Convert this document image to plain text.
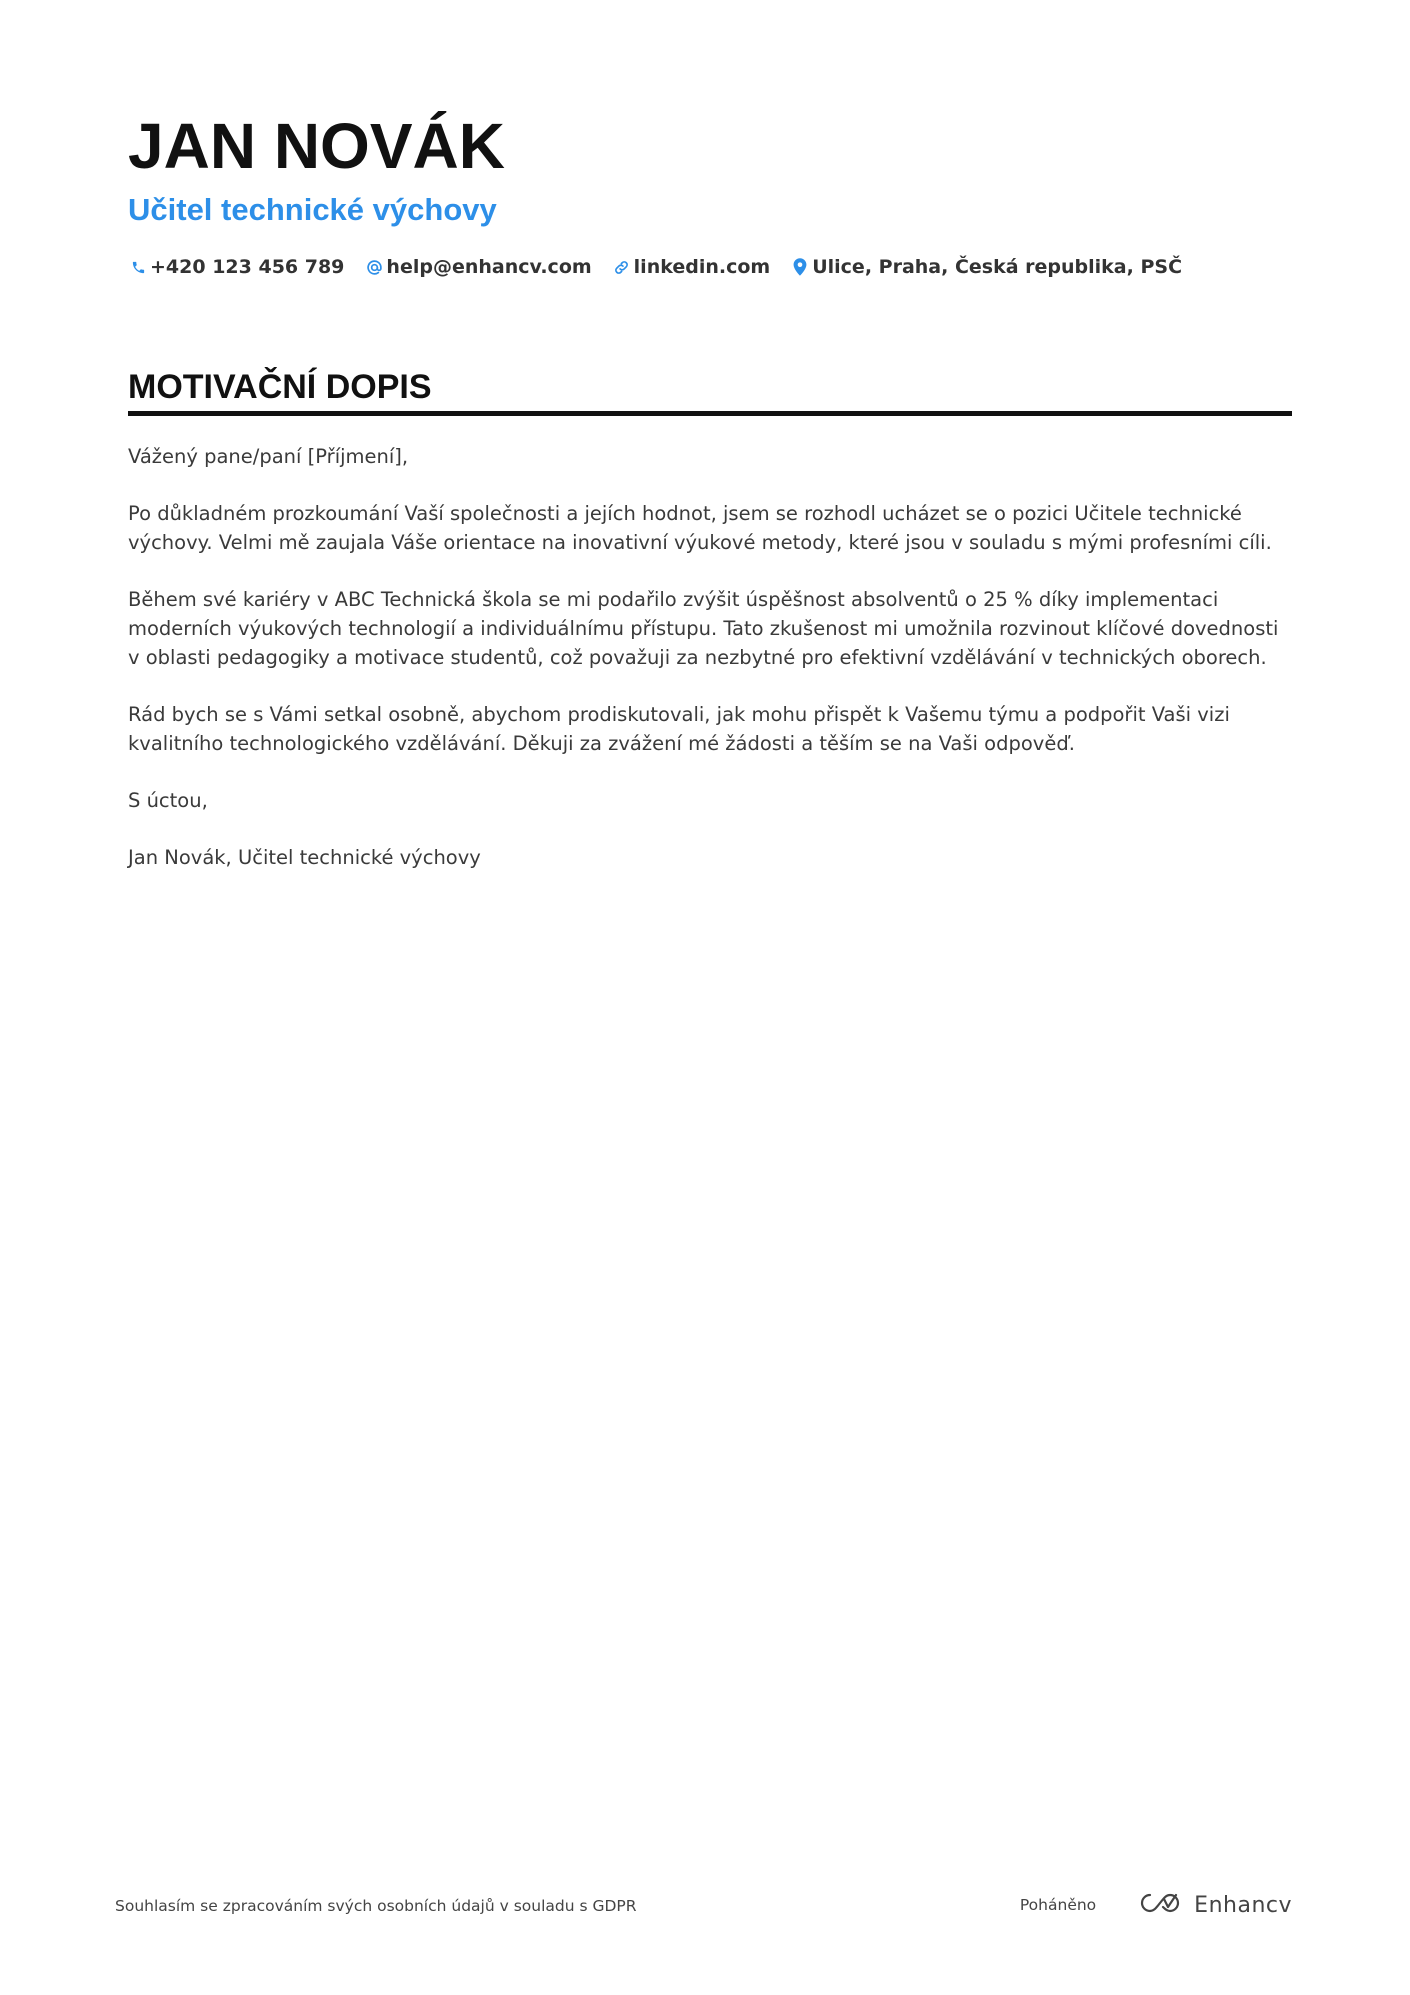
JAN NOVÁK
Učitel technické výchovy
+420 123 456 789 help@enhancv.com linkedin.com Ulice, Praha, Česká republika, PSČ
MOTIVAČNÍ DOPIS

Vážený pane/paní [Příjmení],

Po důkladném prozkoumání Vaší společnosti a jejích hodnot, jsem se rozhodl ucházet se o pozici Učitele technické výchovy. Velmi mě zaujala Váše orientace na inovativní výukové metody, které jsou v souladu s mými profesními cíli.

Během své kariéry v ABC Technická škola se mi podařilo zvýšit úspěšnost absolventů o 25 % díky implementaci moderních výukových technologií a individuálnímu přístupu. Tato zkušenost mi umožnila rozvinout klíčové dovednosti v oblasti pedagogiky a motivace studentů, což považuji za nezbytné pro efektivní vzdělávání v technických oborech.

Rád bych se s Vámi setkal osobně, abychom prodiskutovali, jak mohu přispět k Vašemu týmu a podpořit Vaši vizi kvalitního technologického vzdělávání. Děkuji za zvážení mé žádosti a těším se na Vaši odpověď.

S úctou,

Jan Novák, Učitel technické výchovy

Souhlasím se zpracováním svých osobních údajů v souladu s GDPR	Poháněno	Enhancv
